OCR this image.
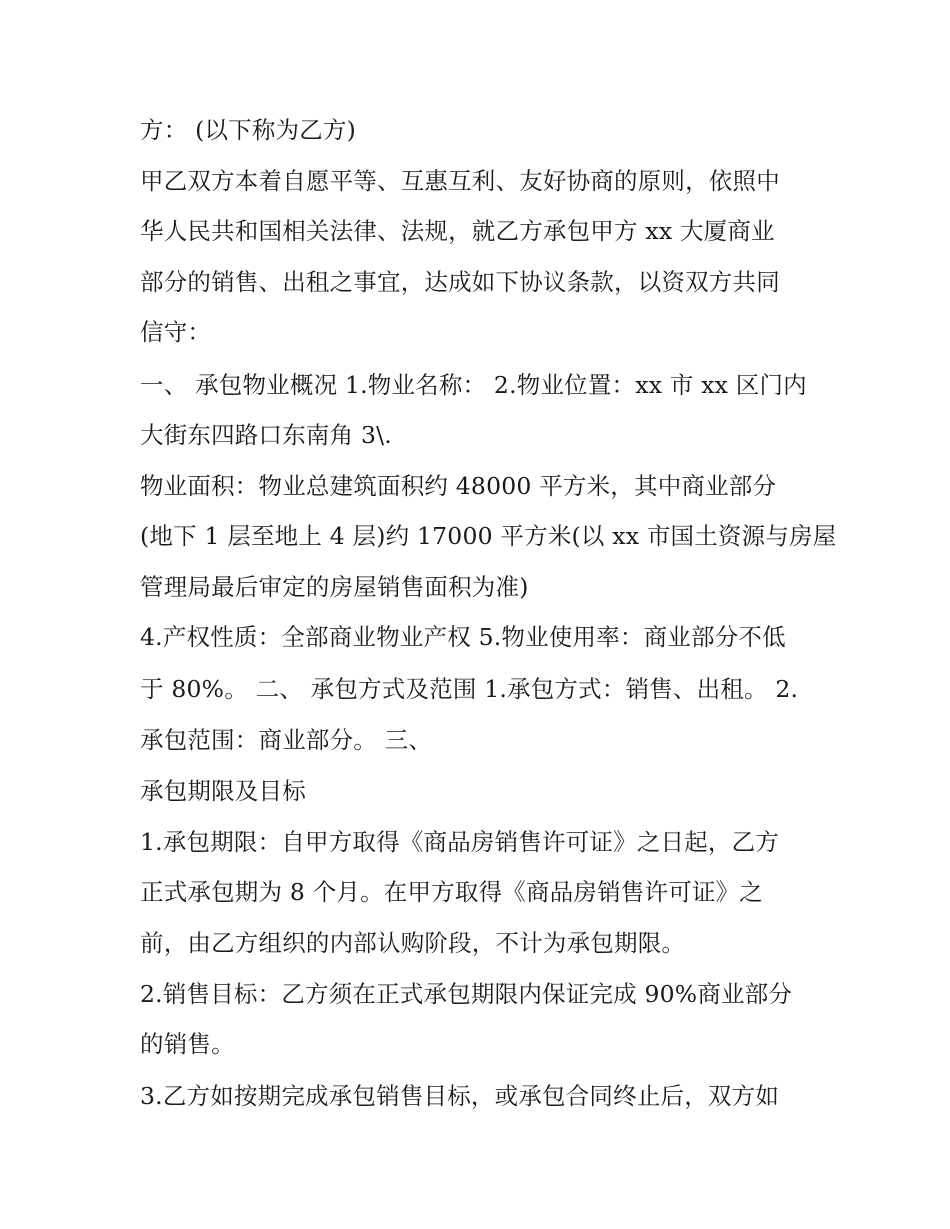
方： (以下称为乙方)
甲乙双方本着自愿平等、互惠互利、友好协商的原则，依照中
华人民共和国相关法律、法规，就乙方承包甲方 xx 大厦商业
部分的销售、出租之事宜，达成如下协议条款，以资双方共同
信守：
一、 承包物业概况 1.物业名称： 2.物业位置：xx 市 xx 区门内
大街东四路口东南角 3\.
物业面积：物业总建筑面积约 48000 平方米，其中商业部分
(地下 1 层至地上 4 层)约 17000 平方米(以 xx 市国土资源与房屋
管理局最后审定的房屋销售面积为准)
4.产权性质：全部商业物业产权 5.物业使用率：商业部分不低
于 80%。 二、 承包方式及范围 1.承包方式：销售、出租。 2.
承包范围：商业部分。 三、
承包期限及目标
1.承包期限：自甲方取得《商品房销售许可证》之日起，乙方
正式承包期为 8 个月。在甲方取得《商品房销售许可证》之
前，由乙方组织的内部认购阶段，不计为承包期限。
2.销售目标：乙方须在正式承包期限内保证完成 90%商业部分
的销售。
3.乙方如按期完成承包销售目标，或承包合同终止后，双方如
